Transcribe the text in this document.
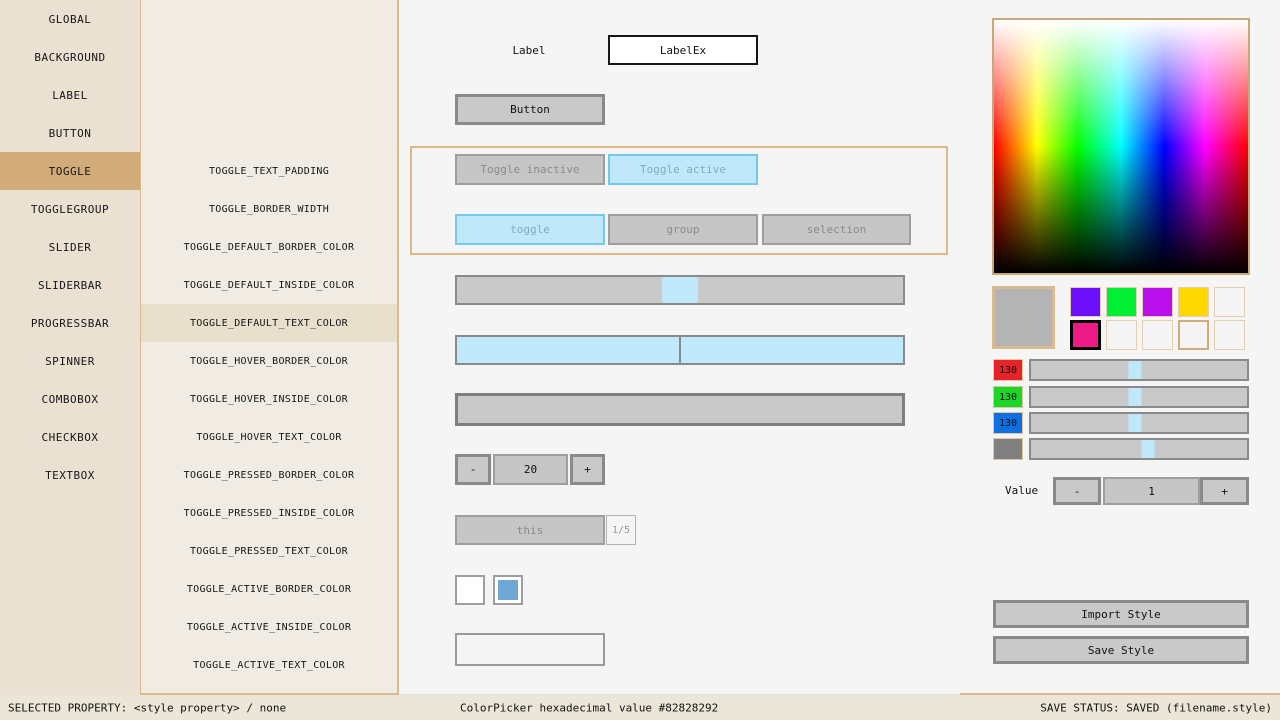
GLOBAL
BACKGROUND
LABEL
BUTTON
TOGGLE
TOGGLEGROUP
SLIDER
SLIDERBAR
PROGRESSBAR
SPINNER
COMBOBOX
CHECKBOX
TEXTBOX
TOGGLE_TEXT_PADDING
TOGGLE_BORDER_WIDTH
TOGGLE_DEFAULT_BORDER_COLOR
TOGGLE_DEFAULT_INSIDE_COLOR
TOGGLE_DEFAULT_TEXT_COLOR
TOGGLE_HOVER_BORDER_COLOR
TOGGLE_HOVER_INSIDE_COLOR
TOGGLE_HOVER_TEXT_COLOR
TOGGLE_PRESSED_BORDER_COLOR
TOGGLE_PRESSED_INSIDE_COLOR
TOGGLE_PRESSED_TEXT_COLOR
TOGGLE_ACTIVE_BORDER_COLOR
TOGGLE_ACTIVE_INSIDE_COLOR
TOGGLE_ACTIVE_TEXT_COLOR
Label	LabelEx
Button
Toggle inactive	Toggle active
toggle	group	selection
-	20	+
this	1/5
130
130
130
Value	-	1	+
Import Style
Save Style
SELECTED PROPERTY: <style property> / none	ColorPicker hexadecimal value #82828292	SAVE STATUS: SAVED (filename.style)
